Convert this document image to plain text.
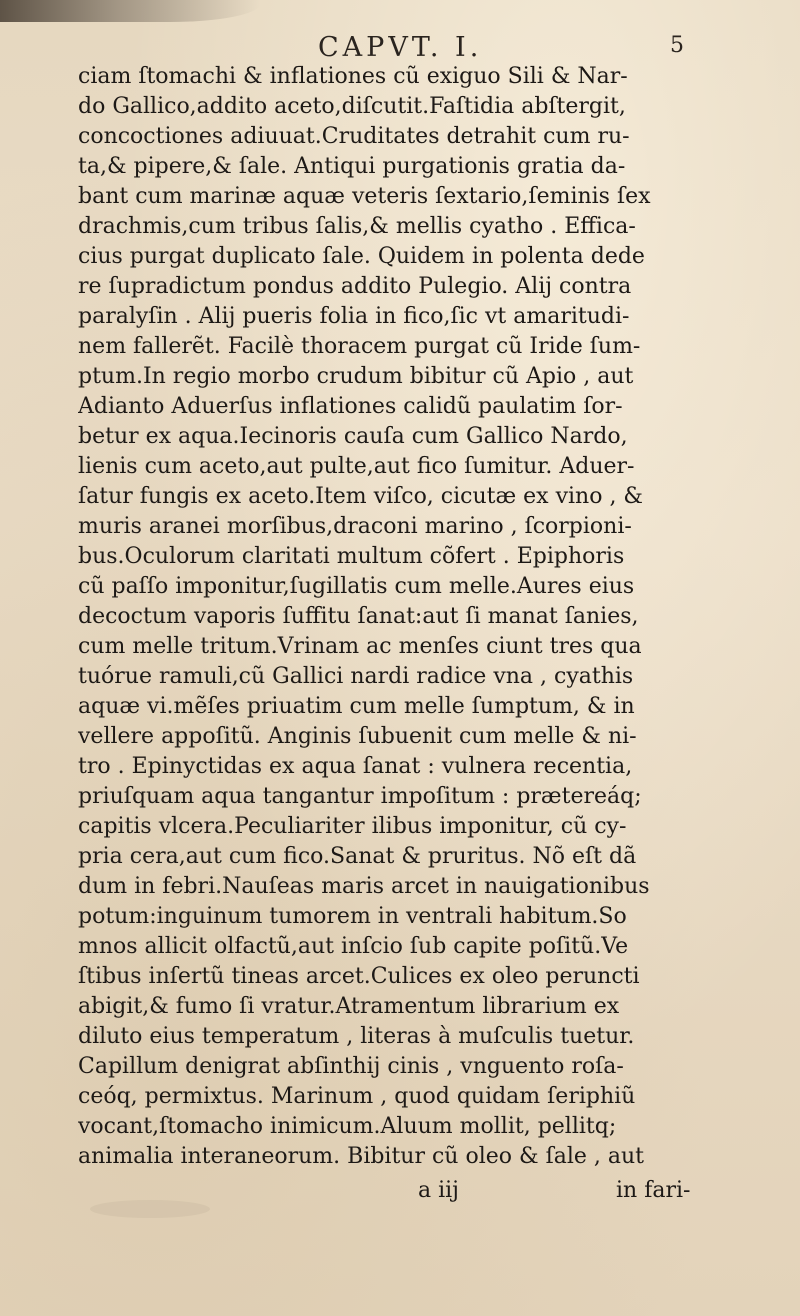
CAPVT. I.	5
ciam ſtomachi & inflationes cũ exiguo Sili & Nar-
do Gallico,addito aceto,diſcutit.Faſtidia abſtergit,
concoctiones adiuuat.Cruditates detrahit cum ru-
ta,& pipere,& ſale. Antiqui purgationis gratia da-
bant cum marinæ aquæ veteris ſextario,ſeminis ſex
drachmis,cum tribus ſalis,& mellis cyatho . Effica-
cius purgat duplicato ſale. Quidem in polenta dede
re ſupradictum pondus addito Pulegio. Alij contra
paralyſin . Alij pueris folia in fico,ſic vt amaritudi-
nem fallerẽt. Facilè thoracem purgat cũ Iride ſum-
ptum.In regio morbo crudum bibitur cũ Apio , aut
Adianto Aduerſus inflationes calidũ paulatim ſor-
betur ex aqua.Iecinoris cauſa cum Gallico Nardo,
lienis cum aceto,aut pulte,aut fico ſumitur. Aduer-
ſatur fungis ex aceto.Item viſco, cicutæ ex vino , &
muris aranei morſibus,draconi marino , ſcorpioni-
bus.Oculorum claritati multum cõfert . Epiphoris
cũ paſſo imponitur,ſugillatis cum melle.Aures eius
decoctum vaporis ſuffitu ſanat:aut ſi manat ſanies,
cum melle tritum.Vrinam ac menſes ciunt tres qua
tuórue ramuli,cũ Gallici nardi radice vna , cyathis
aquæ vi.mẽſes priuatim cum melle ſumptum, & in
vellere appoſitũ. Anginis ſubuenit cum melle & ni-
tro . Epinyctidas ex aqua ſanat : vulnera recentia,
priuſquam aqua tangantur impoſitum : prætereáq;
capitis vlcera.Peculiariter ilibus imponitur, cũ cy-
pria cera,aut cum fico.Sanat & pruritus. Nõ eſt dã
dum in febri.Nauſeas maris arcet in nauigationibus
potum:inguinum tumorem in ventrali habitum.So
mnos allicit olfactũ,aut inſcio ſub capite poſitũ.Ve
ſtibus inſertũ tineas arcet.Culices ex oleo peruncti
abigit,& fumo ſi vratur.Atramentum librarium ex
diluto eius temperatum , literas à muſculis tuetur.
Capillum denigrat abſinthij cinis , vnguento roſa-
ceóq, permixtus. Marinum , quod quidam ſeriphiũ
vocant,ſtomacho inimicum.Aluum mollit, pellitq;
animalia interaneorum. Bibitur cũ oleo & ſale , aut
a iij	in fari-
